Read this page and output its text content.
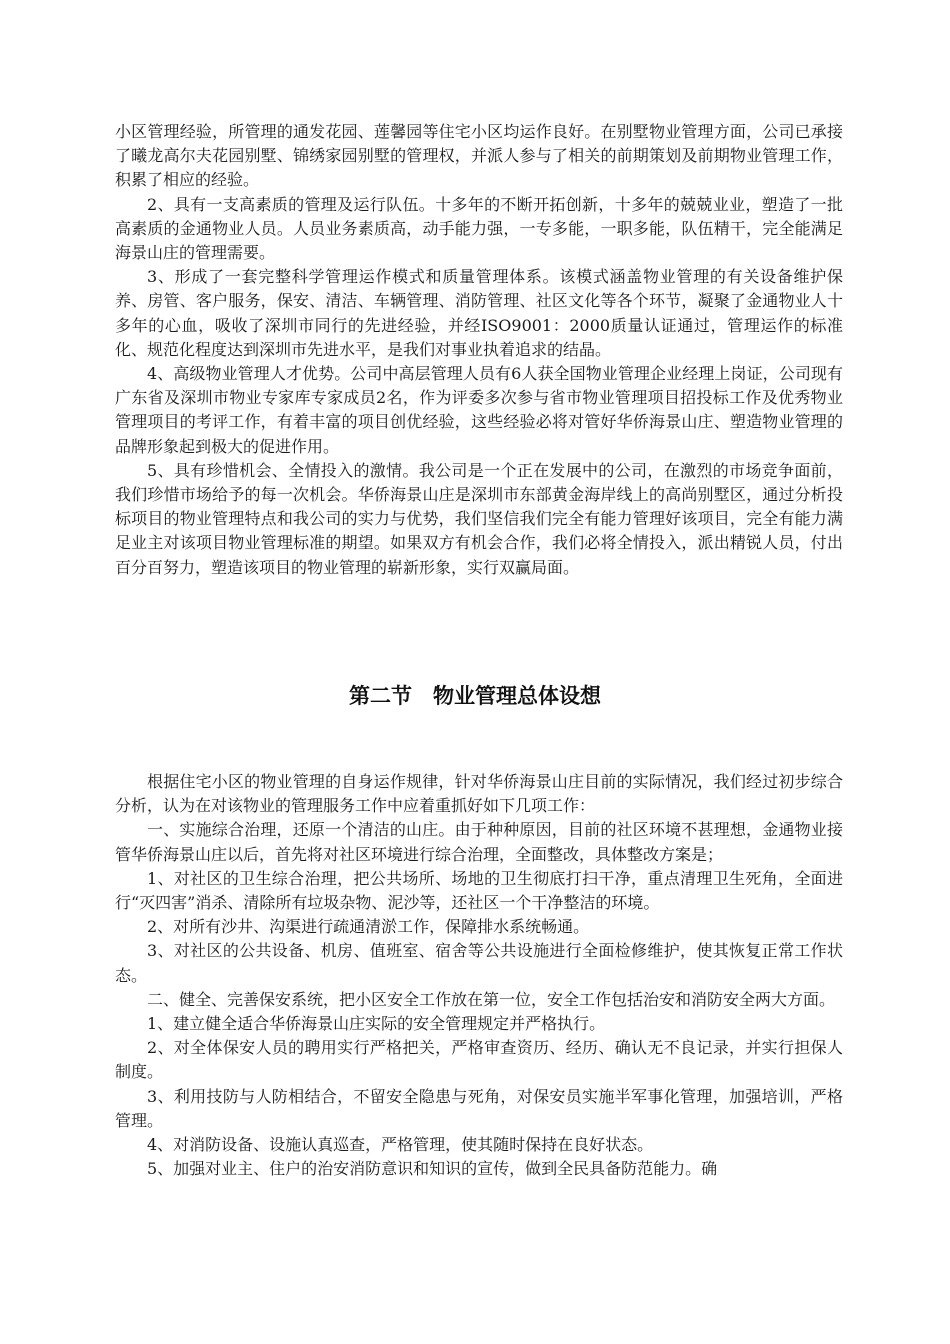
小区管理经验，所管理的通发花园、莲馨园等住宅小区均运作良好。在别墅物业管理方面，公司已承接了曦龙高尔夫花园别墅、锦绣家园别墅的管理权，并派人参与了相关的前期策划及前期物业管理工作，积累了相应的经验。

2、具有一支高素质的管理及运行队伍。十多年的不断开拓创新，十多年的兢兢业业，塑造了一批高素质的金通物业人员。人员业务素质高，动手能力强，一专多能，一职多能，队伍精干，完全能满足海景山庄的管理需要。

3、形成了一套完整科学管理运作模式和质量管理体系。该模式涵盖物业管理的有关设备维护保养、房管、客户服务，保安、清洁、车辆管理、消防管理、社区文化等各个环节，凝聚了金通物业人十多年的心血，吸收了深圳市同行的先进经验，并经ISO9001：2000质量认证通过，管理运作的标准化、规范化程度达到深圳市先进水平，是我们对事业执着追求的结晶。

4、高级物业管理人才优势。公司中高层管理人员有6人获全国物业管理企业经理上岗证，公司现有广东省及深圳市物业专家库专家成员2名，作为评委多次参与省市物业管理项目招投标工作及优秀物业管理项目的考评工作，有着丰富的项目创优经验，这些经验必将对管好华侨海景山庄、塑造物业管理的品牌形象起到极大的促进作用。

5、具有珍惜机会、全情投入的激情。我公司是一个正在发展中的公司，在激烈的市场竞争面前，我们珍惜市场给予的每一次机会。华侨海景山庄是深圳市东部黄金海岸线上的高尚别墅区，通过分析投标项目的物业管理特点和我公司的实力与优势，我们坚信我们完全有能力管理好该项目，完全有能力满足业主对该项目物业管理标准的期望。如果双方有机会合作，我们必将全情投入，派出精锐人员，付出百分百努力，塑造该项目的物业管理的崭新形象，实行双赢局面。

第二节　物业管理总体设想

根据住宅小区的物业管理的自身运作规律，针对华侨海景山庄目前的实际情况，我们经过初步综合分析，认为在对该物业的管理服务工作中应着重抓好如下几项工作：

一、实施综合治理，还原一个清洁的山庄。由于种种原因，目前的社区环境不甚理想，金通物业接管华侨海景山庄以后，首先将对社区环境进行综合治理，全面整改，具体整改方案是；

1、对社区的卫生综合治理，把公共场所、场地的卫生彻底打扫干净，重点清理卫生死角，全面进行“灭四害”消杀、清除所有垃圾杂物、泥沙等，还社区一个干净整洁的环境。

2、对所有沙井、沟渠进行疏通清淤工作，保障排水系统畅通。

3、对社区的公共设备、机房、值班室、宿舍等公共设施进行全面检修维护，使其恢复正常工作状态。

二、健全、完善保安系统，把小区安全工作放在第一位，安全工作包括治安和消防安全两大方面。

1、建立健全适合华侨海景山庄实际的安全管理规定并严格执行。

2、对全体保安人员的聘用实行严格把关，严格审查资历、经历、确认无不良记录，并实行担保人制度。

3、利用技防与人防相结合，不留安全隐患与死角，对保安员实施半军事化管理，加强培训，严格管理。

4、对消防设备、设施认真巡查，严格管理，使其随时保持在良好状态。

5、加强对业主、住户的治安消防意识和知识的宣传，做到全民具备防范能力。确
